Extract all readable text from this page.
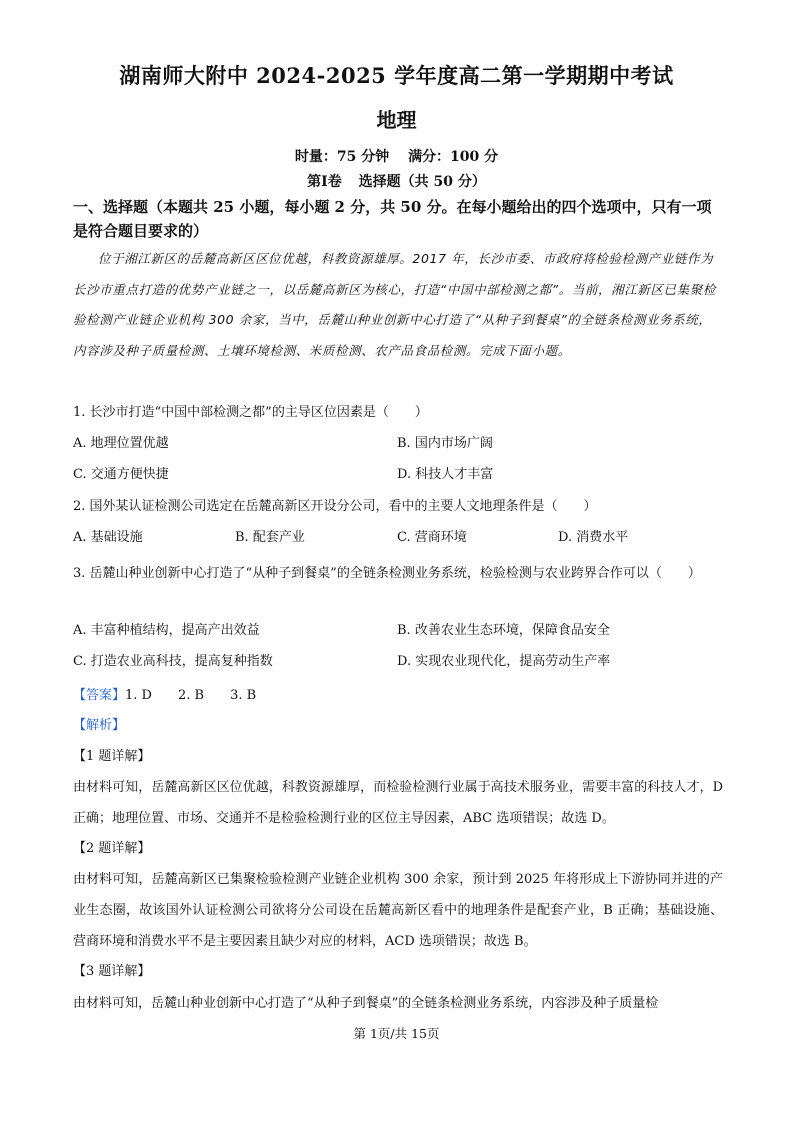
湖南师大附中 2024-2025 学年度高二第一学期期中考试
地理
时量：75 分钟 满分：100 分
第Ⅰ卷 选择题（共 50 分）
一、选择题（本题共 25 小题，每小题 2 分，共 50 分。在每小题给出的四个选项中，只有一项是符合题目要求的）
位于湘江新区的岳麓高新区区位优越，科教资源雄厚。2017 年，长沙市委、市政府将检验检测产业链作为长沙市重点打造的优势产业链之一，以岳麓高新区为核心，打造“中国中部检测之都”。当前，湘江新区已集聚检验检测产业链企业机构 300 余家，当中，岳麓山种业创新中心打造了“从种子到餐桌”的全链条检测业务系统，内容涉及种子质量检测、土壤环境检测、米质检测、农产品食品检测。完成下面小题。
1. 长沙市打造“中国中部检测之都”的主导区位因素是（　　）
A. 地理位置优越	B. 国内市场广阔
C. 交通方便快捷	D. 科技人才丰富
2. 国外某认证检测公司选定在岳麓高新区开设分公司，看中的主要人文地理条件是（　　）
A. 基础设施	B. 配套产业	C. 营商环境	D. 消费水平
3. 岳麓山种业创新中心打造了“从种子到餐桌”的全链条检测业务系统，检验检测与农业跨界合作可以（　　）
A. 丰富种植结构，提高产出效益	B. 改善农业生态环境，保障食品安全
C. 打造农业高科技，提高复种指数	D. 实现农业现代化，提高劳动生产率
【答案】1. D 2. B 3. B
【解析】
【1 题详解】
由材料可知，岳麓高新区区位优越，科教资源雄厚，而检验检测行业属于高技术服务业，需要丰富的科技人才，D 正确；地理位置、市场、交通并不是检验检测行业的区位主导因素，ABC 选项错误；故选 D。
【2 题详解】
由材料可知，岳麓高新区已集聚检验检测产业链企业机构 300 余家，预计到 2025 年将形成上下游协同并进的产业生态圈，故该国外认证检测公司欲将分公司设在岳麓高新区看中的地理条件是配套产业，B 正确；基础设施、营商环境和消费水平不是主要因素且缺少对应的材料，ACD 选项错误；故选 B。
【3 题详解】
由材料可知，岳麓山种业创新中心打造了“从种子到餐桌”的全链条检测业务系统，内容涉及种子质量检
第 1页/共 15页
